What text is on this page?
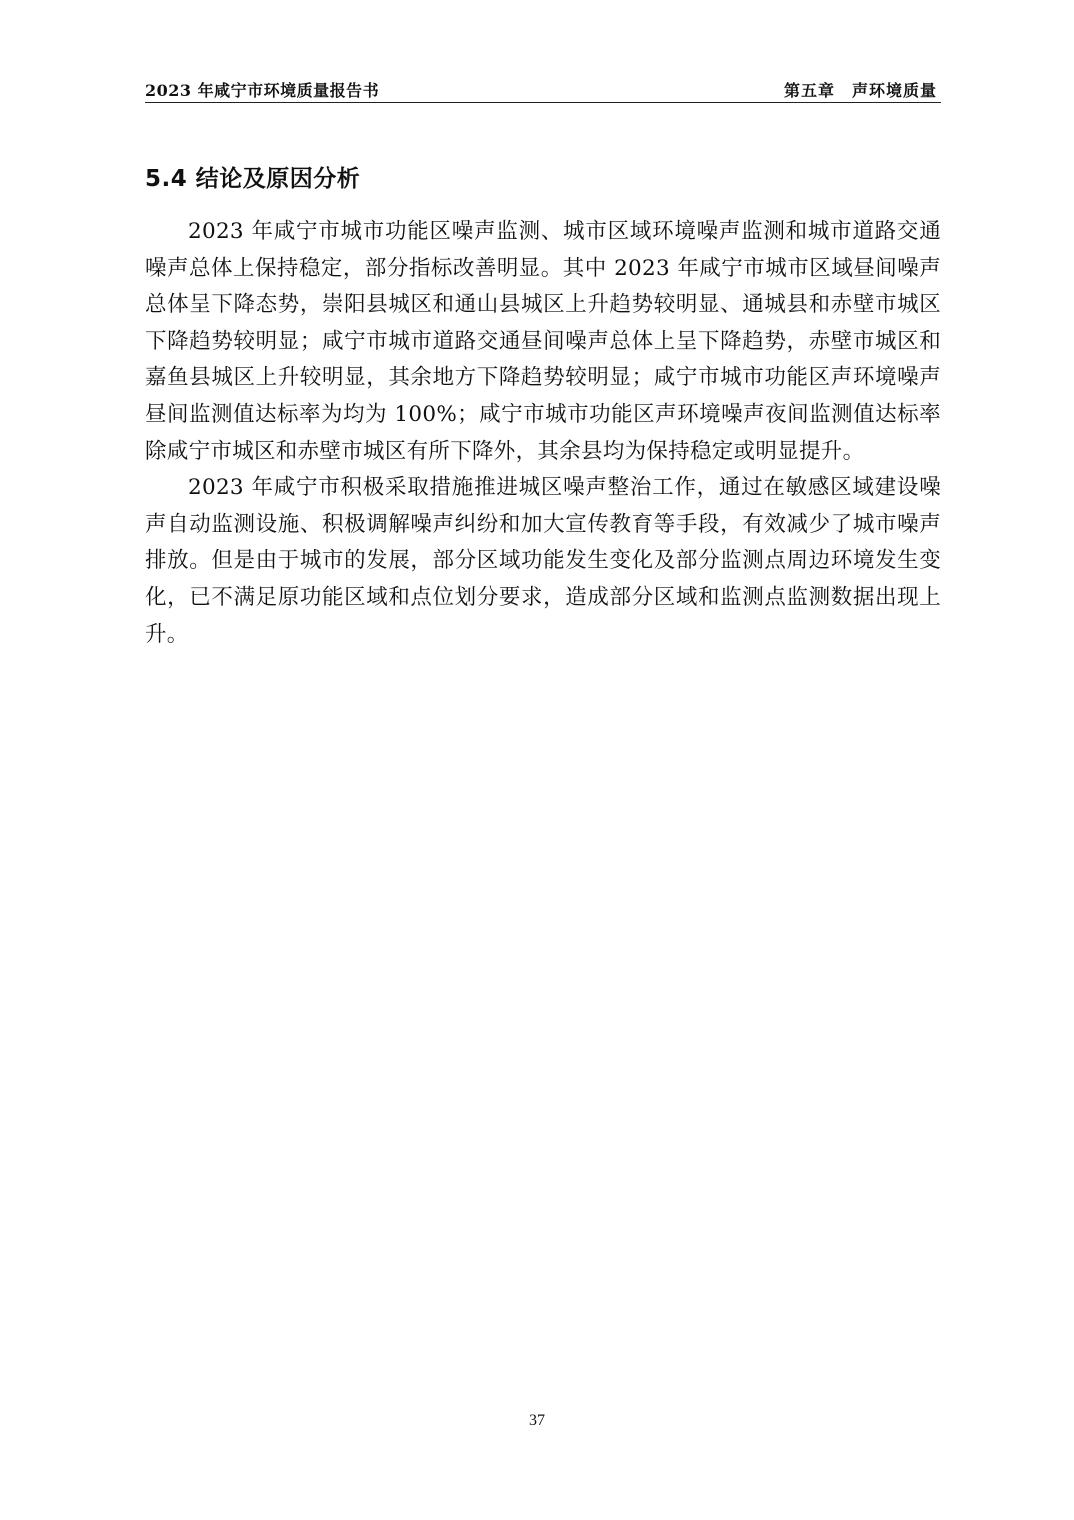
2023 年咸宁市环境质量报告书	第五章　声环境质量
5.4 结论及原因分析

2023 年咸宁市城市功能区噪声监测、城市区域环境噪声监测和城市道路交通噪声总体上保持稳定，部分指标改善明显。其中 2023 年咸宁市城市区域昼间噪声总体呈下降态势，崇阳县城区和通山县城区上升趋势较明显、通城县和赤壁市城区下降趋势较明显；咸宁市城市道路交通昼间噪声总体上呈下降趋势，赤壁市城区和嘉鱼县城区上升较明显，其余地方下降趋势较明显；咸宁市城市功能区声环境噪声昼间监测值达标率为均为 100%；咸宁市城市功能区声环境噪声夜间监测值达标率除咸宁市城区和赤壁市城区有所下降外，其余县均为保持稳定或明显提升。

2023 年咸宁市积极采取措施推进城区噪声整治工作，通过在敏感区域建设噪声自动监测设施、积极调解噪声纠纷和加大宣传教育等手段，有效减少了城市噪声排放。但是由于城市的发展，部分区域功能发生变化及部分监测点周边环境发生变化，已不满足原功能区域和点位划分要求，造成部分区域和监测点监测数据出现上升。

37
